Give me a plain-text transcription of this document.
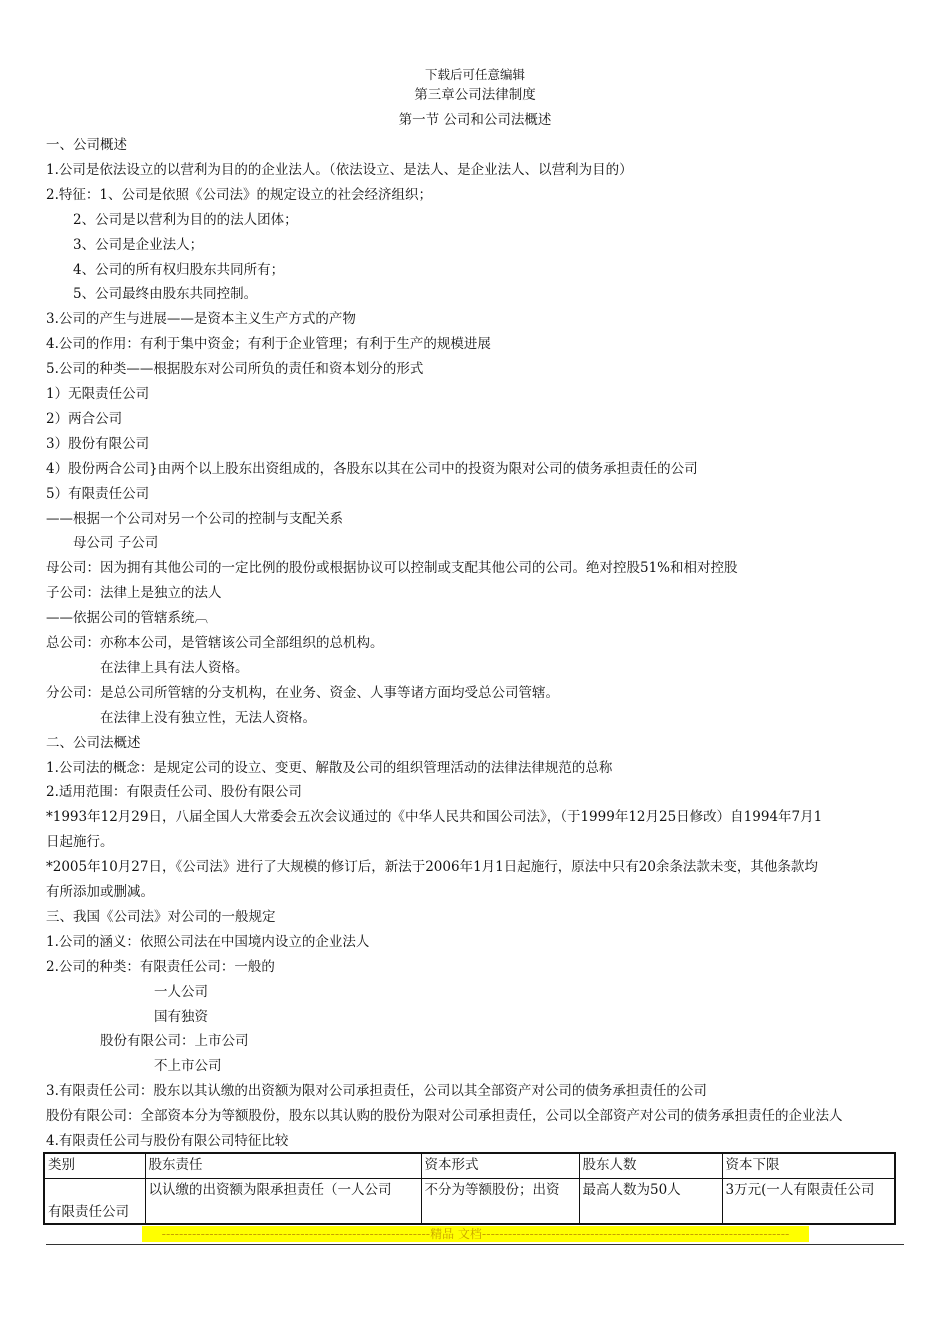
下载后可任意编辑
第三章公司法律制度
第一节 公司和公司法概述
一、公司概述
1.公司是依法设立的以营利为目的的企业法人。（依法设立、是法人、是企业法人、以营利为目的）
2.特征：1、公司是依照《公司法》的规定设立的社会经济组织；
　　2、公司是以营利为目的的法人团体；
　　3、公司是企业法人；
　　4、公司的所有权归股东共同所有；
　　5、公司最终由股东共同控制。
3.公司的产生与进展——是资本主义生产方式的产物
4.公司的作用：有利于集中资金；有利于企业管理；有利于生产的规模进展
5.公司的种类——根据股东对公司所负的责任和资本划分的形式
1）无限责任公司
2）两合公司
3）股份有限公司
4）股份两合公司}由两个以上股东出资组成的，各股东以其在公司中的投资为限对公司的债务承担责任的公司
5）有限责任公司
——根据一个公司对另一个公司的控制与支配关系
　　母公司 子公司
母公司：因为拥有其他公司的一定比例的股份或根据协议可以控制或支配其他公司的公司。绝对控股51%和相对控股
子公司：法律上是独立的法人
——依据公司的管辖系统︹
总公司：亦称本公司，是管辖该公司全部组织的总机构。
　　　　在法律上具有法人资格。
分公司：是总公司所管辖的分支机构，在业务、资金、人事等诸方面均受总公司管辖。
　　　　在法律上没有独立性，无法人资格。
二、公司法概述
1.公司法的概念：是规定公司的设立、变更、解散及公司的组织管理活动的法律法律规范的总称
2.适用范围：有限责任公司、股份有限公司
*1993年12月29日，八届全国人大常委会五次会议通过的《中华人民共和国公司法》，（于1999年12月25日修改）自1994年7月1
日起施行。
*2005年10月27日，《公司法》进行了大规模的修订后，新法于2006年1月1日起施行，原法中只有20余条法款未变，其他条款均
有所添加或删减。
三、我国《公司法》对公司的一般规定
1.公司的涵义：依照公司法在中国境内设立的企业法人
2.公司的种类：有限责任公司：一般的
　　　　　　　　一人公司
　　　　　　　　国有独资
　　　　股份有限公司：上市公司
　　　　　　　　不上市公司
3.有限责任公司：股东以其认缴的出资额为限对公司承担责任，公司以其全部资产对公司的债务承担责任的公司
股份有限公司：全部资本分为等额股份，股东以其认购的股份为限对公司承担责任，公司以全部资产对公司的债务承担责任的企业法人
4.有限责任公司与股份有限公司特征比较
类别	股东责任	资本形式	股东人数	资本下限
有限责任公司	以认缴的出资额为限承担责任（一人公司	不分为等额股份；出资	最高人数为50人	3万元(一人有限责任公司
--------------------------------------------------------------精品 文档-----------------------------------------------------------------------
